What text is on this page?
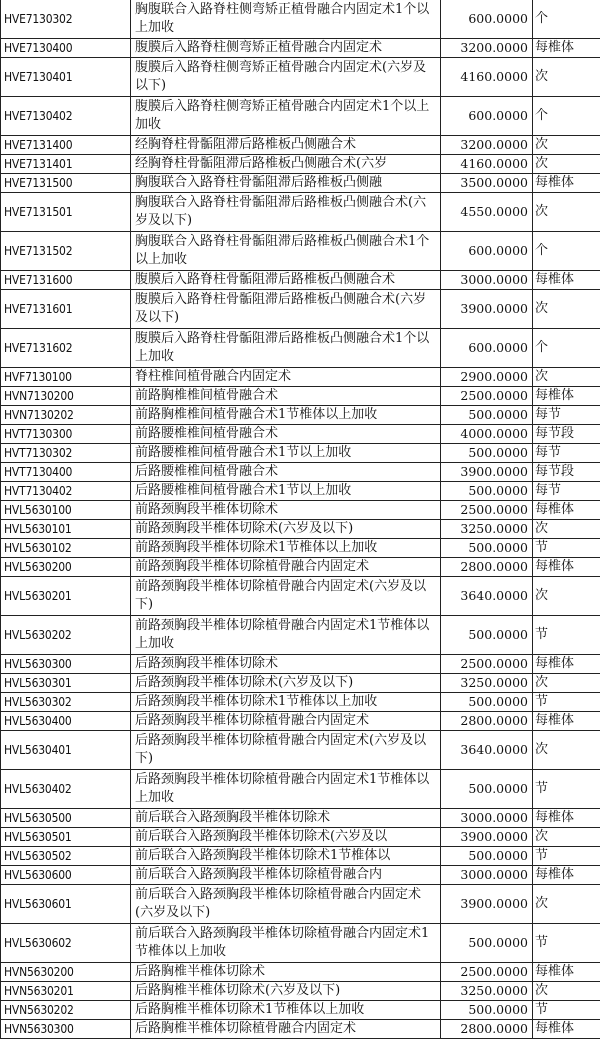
HVE7130302	胸腹联合入路脊柱侧弯矫正植骨融合内固定术1个以上加收	600.0000	个
HVE7130400	腹膜后入路脊柱侧弯矫正植骨融合内固定术	3200.0000	每椎体
HVE7130401	腹膜后入路脊柱侧弯矫正植骨融合内固定术(六岁及以下)	4160.0000	次
HVE7130402	腹膜后入路脊柱侧弯矫正植骨融合内固定术1个以上加收	600.0000	个
HVE7131400	经胸脊柱骨骺阻滞后路椎板凸侧融合术	3200.0000	次
HVE7131401	经胸脊柱骨骺阻滞后路椎板凸侧融合术(六岁	4160.0000	次
HVE7131500	胸腹联合入路脊柱骨骺阻滞后路椎板凸侧融	3500.0000	每椎体
HVE7131501	胸腹联合入路脊柱骨骺阻滞后路椎板凸侧融合术(六岁及以下)	4550.0000	次
HVE7131502	胸腹联合入路脊柱骨骺阻滞后路椎板凸侧融合术1个以上加收	600.0000	个
HVE7131600	腹膜后入路脊柱骨骺阻滞后路椎板凸侧融合术	3000.0000	每椎体
HVE7131601	腹膜后入路脊柱骨骺阻滞后路椎板凸侧融合术(六岁及以下)	3900.0000	次
HVE7131602	腹膜后入路脊柱骨骺阻滞后路椎板凸侧融合术1个以上加收	600.0000	个
HVF7130100	脊柱椎间植骨融合内固定术	2900.0000	次
HVN7130200	前路胸椎椎间植骨融合术	2500.0000	每椎体
HVN7130202	前路胸椎椎间植骨融合术1节椎体以上加收	500.0000	每节
HVT7130300	前路腰椎椎间植骨融合术	4000.0000	每节段
HVT7130302	前路腰椎椎间植骨融合术1节以上加收	500.0000	每节
HVT7130400	后路腰椎椎间植骨融合术	3900.0000	每节段
HVT7130402	后路腰椎椎间植骨融合术1节以上加收	500.0000	每节
HVL5630100	前路颈胸段半椎体切除术	2500.0000	每椎体
HVL5630101	前路颈胸段半椎体切除术(六岁及以下)	3250.0000	次
HVL5630102	前路颈胸段半椎体切除术1节椎体以上加收	500.0000	节
HVL5630200	前路颈胸段半椎体切除植骨融合内固定术	2800.0000	每椎体
HVL5630201	前路颈胸段半椎体切除植骨融合内固定术(六岁及以下)	3640.0000	次
HVL5630202	前路颈胸段半椎体切除植骨融合内固定术1节椎体以上加收	500.0000	节
HVL5630300	后路颈胸段半椎体切除术	2500.0000	每椎体
HVL5630301	后路颈胸段半椎体切除术(六岁及以下)	3250.0000	次
HVL5630302	后路颈胸段半椎体切除术1节椎体以上加收	500.0000	节
HVL5630400	后路颈胸段半椎体切除植骨融合内固定术	2800.0000	每椎体
HVL5630401	后路颈胸段半椎体切除植骨融合内固定术(六岁及以下)	3640.0000	次
HVL5630402	后路颈胸段半椎体切除植骨融合内固定术1节椎体以上加收	500.0000	节
HVL5630500	前后联合入路颈胸段半椎体切除术	3000.0000	每椎体
HVL5630501	前后联合入路颈胸段半椎体切除术(六岁及以	3900.0000	次
HVL5630502	前后联合入路颈胸段半椎体切除术1节椎体以	500.0000	节
HVL5630600	前后联合入路颈胸段半椎体切除植骨融合内	3000.0000	每椎体
HVL5630601	前后联合入路颈胸段半椎体切除植骨融合内固定术(六岁及以下)	3900.0000	次
HVL5630602	前后联合入路颈胸段半椎体切除植骨融合内固定术1节椎体以上加收	500.0000	节
HVN5630200	后路胸椎半椎体切除术	2500.0000	每椎体
HVN5630201	后路胸椎半椎体切除术(六岁及以下)	3250.0000	次
HVN5630202	后路胸椎半椎体切除术1节椎体以上加收	500.0000	节
HVN5630300	后路胸椎半椎体切除植骨融合内固定术	2800.0000	每椎体
